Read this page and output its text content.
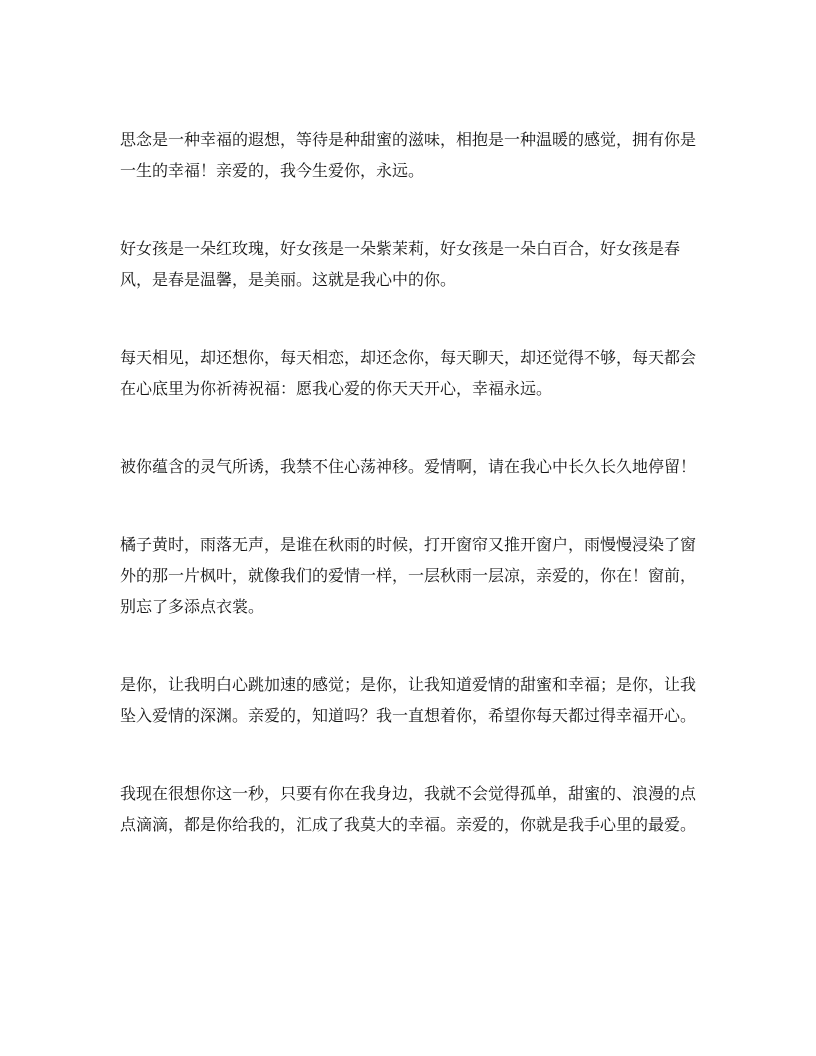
思念是一种幸福的遐想，等待是种甜蜜的滋味，相抱是一种温暖的感觉，拥有你是一生的幸福！亲爱的，我今生爱你，永远。

好女孩是一朵红玫瑰，好女孩是一朵紫茉莉，好女孩是一朵白百合，好女孩是春风，是春是温馨，是美丽。这就是我心中的你。

每天相见，却还想你，每天相恋，却还念你，每天聊天，却还觉得不够，每天都会在心底里为你祈祷祝福：愿我心爱的你天天开心，幸福永远。

被你蕴含的灵气所诱，我禁不住心荡神移。爱情啊，请在我心中长久长久地停留！

橘子黄时，雨落无声，是谁在秋雨的时候，打开窗帘又推开窗户，雨慢慢浸染了窗外的那一片枫叶，就像我们的爱情一样，一层秋雨一层凉，亲爱的，你在！窗前，别忘了多添点衣裳。

是你，让我明白心跳加速的感觉；是你，让我知道爱情的甜蜜和幸福；是你，让我坠入爱情的深渊。亲爱的，知道吗？我一直想着你，希望你每天都过得幸福开心。

我现在很想你这一秒，只要有你在我身边，我就不会觉得孤单，甜蜜的、浪漫的点点滴滴，都是你给我的，汇成了我莫大的幸福。亲爱的，你就是我手心里的最爱。
